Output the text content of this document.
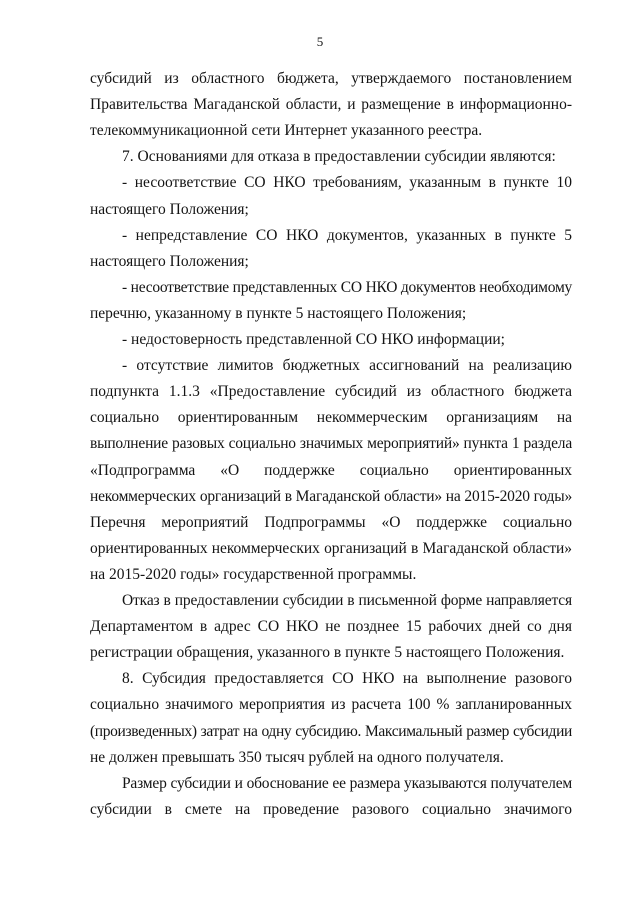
5
субсидий из областного бюджета, утверждаемого постановлением
Правительства Магаданской области, и размещение в информационно-
телекоммуникационной сети Интернет указанного реестра.
7. Основаниями для отказа в предоставлении субсидии являются:
- несоответствие СО НКО требованиям, указанным в пункте 10
настоящего Положения;
- непредставление СО НКО документов, указанных в пункте 5
настоящего Положения;
- несоответствие представленных СО НКО документов необходимому
перечню, указанному в пункте 5 настоящего Положения;
- недостоверность представленной СО НКО информации;
- отсутствие лимитов бюджетных ассигнований на реализацию
подпункта 1.1.3 «Предоставление субсидий из областного бюджета
социально ориентированным некоммерческим организациям на
выполнение разовых социально значимых мероприятий» пункта 1 раздела
«Подпрограмма «О поддержке социально ориентированных
некоммерческих организаций в Магаданской области» на 2015-2020 годы»
Перечня мероприятий Подпрограммы «О поддержке социально
ориентированных некоммерческих организаций в Магаданской области»
на 2015-2020 годы» государственной программы.
Отказ в предоставлении субсидии в письменной форме направляется
Департаментом в адрес СО НКО не позднее 15 рабочих дней со дня
регистрации обращения, указанного в пункте 5 настоящего Положения.
8. Субсидия предоставляется СО НКО на выполнение разового
социально значимого мероприятия из расчета 100 % запланированных
(произведенных) затрат на одну субсидию. Максимальный размер субсидии
не должен превышать 350 тысяч рублей на одного получателя.
Размер субсидии и обоснование ее размера указываются получателем
субсидии в смете на проведение разового социально значимого
